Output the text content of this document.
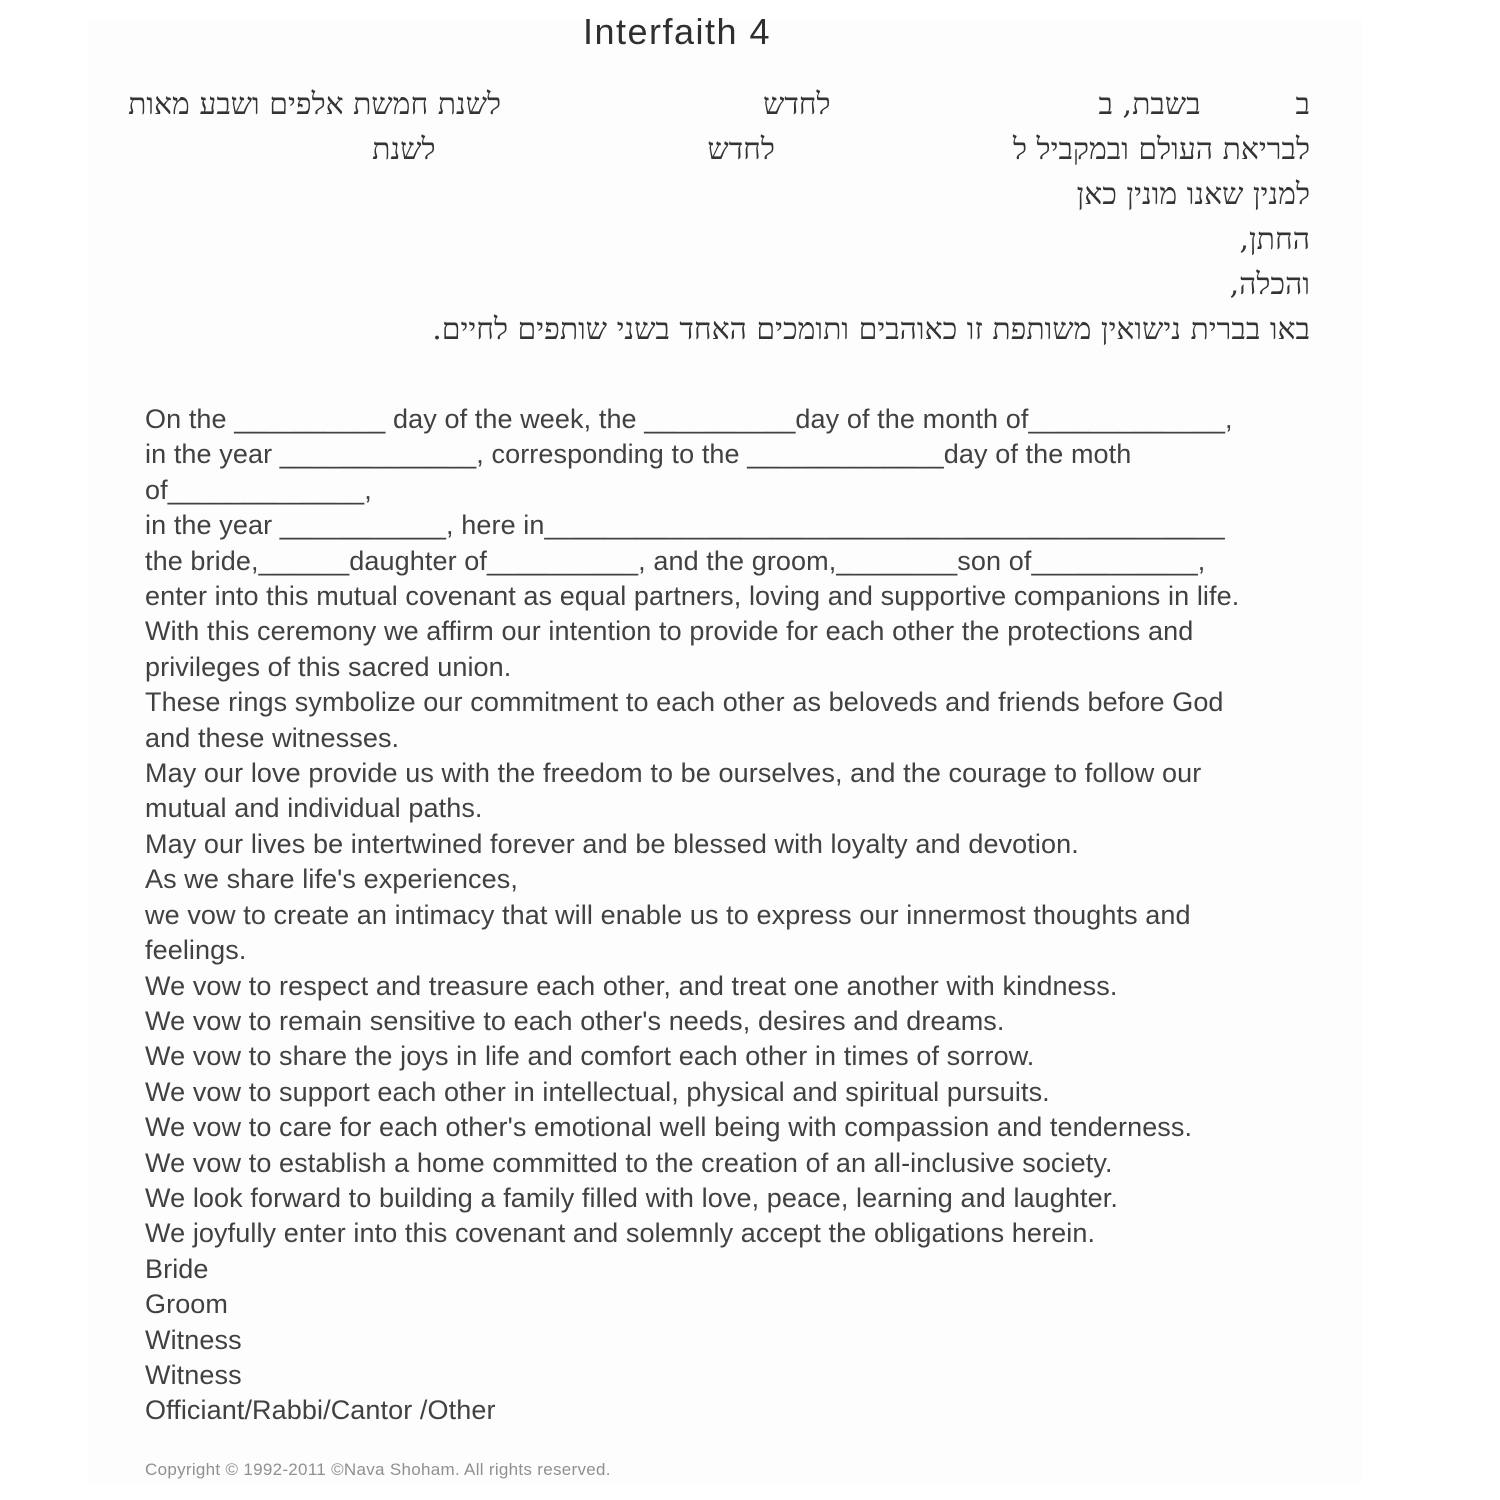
Interfaith 4
בבשבת, בלחדשלשנת חמשת אלפים ושבע מאות
לבריאת העולם ובמקביל ללחדשלשנת
למנין שאנו מונין כאן
החתן,
והכלה,
באו בברית נישואין משותפת זו כאוהבים ותומכים האחד בשני שותפים לחיים.
On the __________ day of the week, the __________day of the month of_____________,
in the year _____________, corresponding to the _____________day of the moth
of_____________,
in the year ___________, here in_____________________________________________
the bride,______daughter of__________, and the groom,________son of___________,
enter into this mutual covenant as equal partners, loving and supportive companions in life.
With this ceremony we affirm our intention to provide for each other the protections and
privileges of this sacred union.
These rings symbolize our commitment to each other as beloveds and friends before God
and these witnesses.
May our love provide us with the freedom to be ourselves, and the courage to follow our
mutual and individual paths.
May our lives be intertwined forever and be blessed with loyalty and devotion.
As we share life's experiences,
we vow to create an intimacy that will enable us to express our innermost thoughts and
feelings.
We vow to respect and treasure each other, and treat one another with kindness.
We vow to remain sensitive to each other's needs, desires and dreams.
We vow to share the joys in life and comfort each other in times of sorrow.
We vow to support each other in intellectual, physical and spiritual pursuits.
We vow to care for each other's emotional well being with compassion and tenderness.
We vow to establish a home committed to the creation of an all-inclusive society.
We look forward to building a family filled with love, peace, learning and laughter.
We joyfully enter into this covenant and solemnly accept the obligations herein.
Bride
Groom
Witness
Witness
Officiant/Rabbi/Cantor /Other
Copyright © 1992-2011 ©Nava Shoham. All rights reserved.
